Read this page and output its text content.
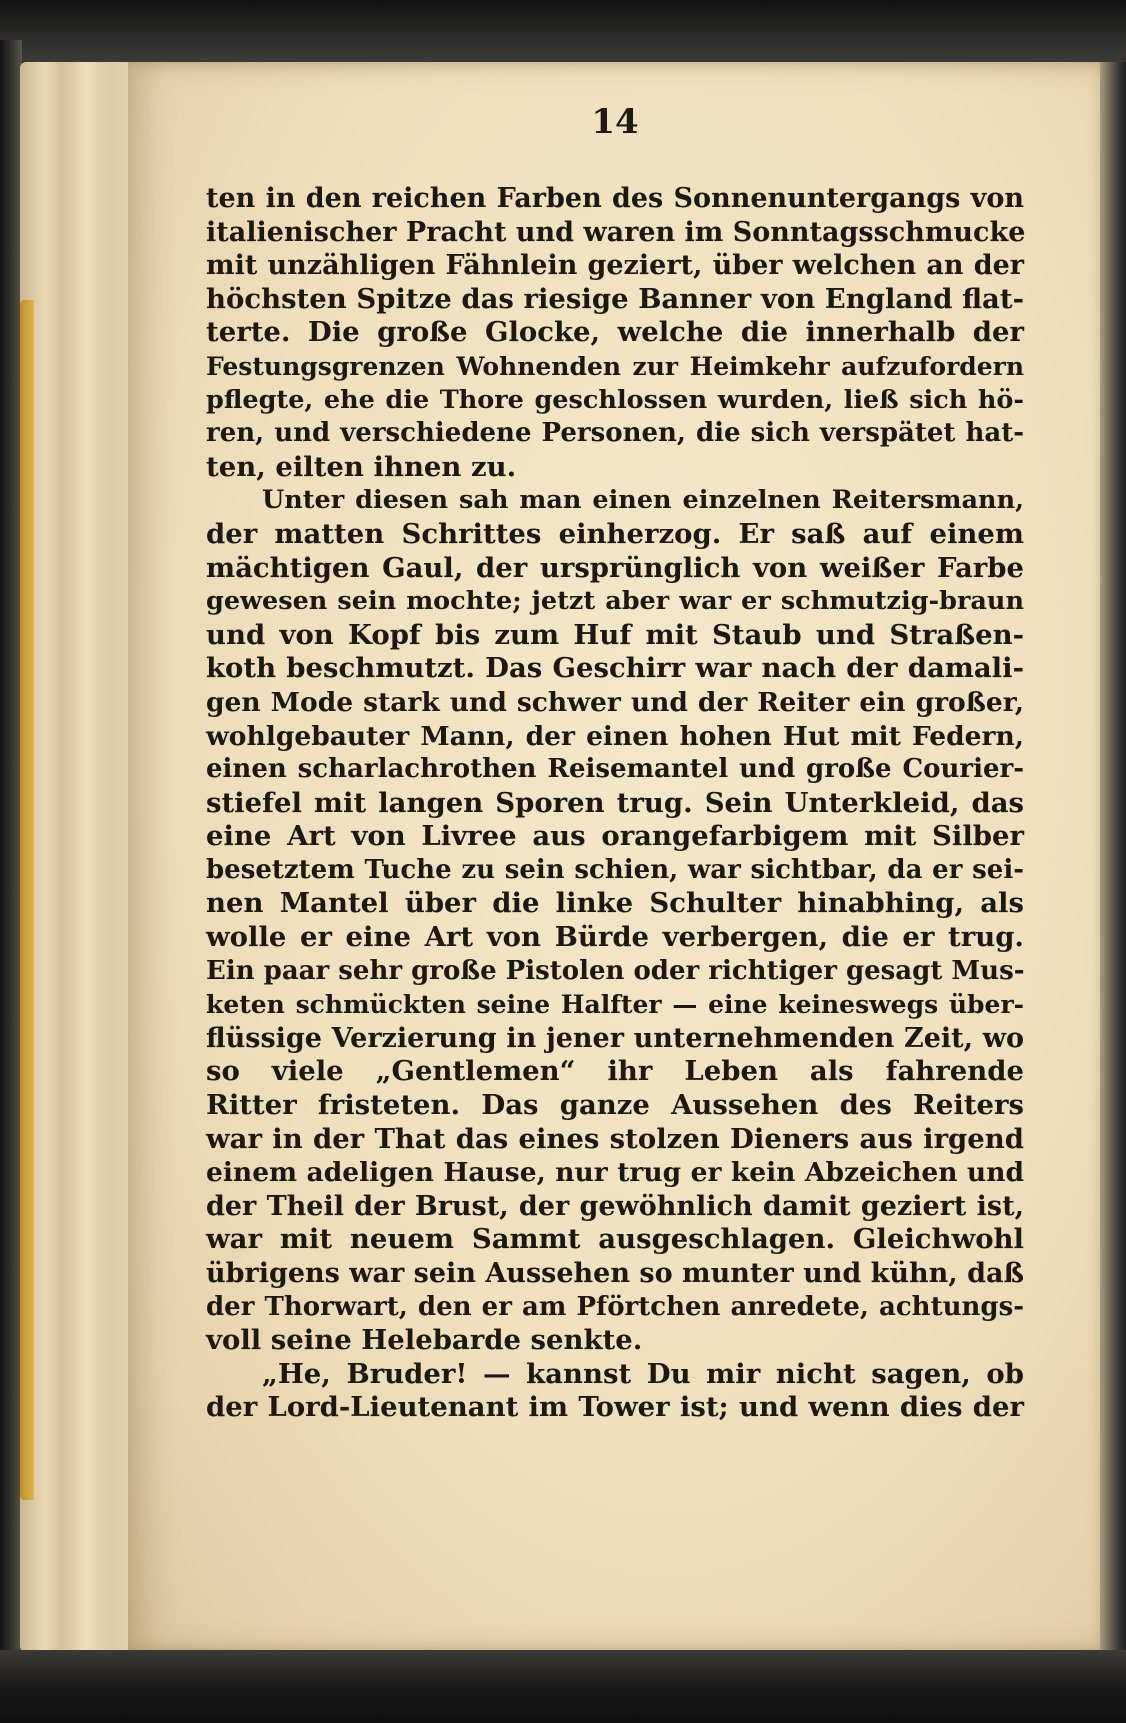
14
ten in den reichen Farben des Sonnenuntergangs von
italienischer Pracht und waren im Sonntagsschmucke
mit unzähligen Fähnlein geziert, über welchen an der
höchsten Spitze das riesige Banner von England flat-
terte. Die große Glocke, welche die innerhalb der
Festungsgrenzen Wohnenden zur Heimkehr aufzufordern
pflegte, ehe die Thore geschlossen wurden, ließ sich hö-
ren, und verschiedene Personen, die sich verspätet hat-
ten, eilten ihnen zu.
Unter diesen sah man einen einzelnen Reitersmann,
der matten Schrittes einherzog. Er saß auf einem
mächtigen Gaul, der ursprünglich von weißer Farbe
gewesen sein mochte; jetzt aber war er schmutzig-braun
und von Kopf bis zum Huf mit Staub und Straßen-
koth beschmutzt. Das Geschirr war nach der damali-
gen Mode stark und schwer und der Reiter ein großer,
wohlgebauter Mann, der einen hohen Hut mit Federn,
einen scharlachrothen Reisemantel und große Courier-
stiefel mit langen Sporen trug. Sein Unterkleid, das
eine Art von Livree aus orangefarbigem mit Silber
besetztem Tuche zu sein schien, war sichtbar, da er sei-
nen Mantel über die linke Schulter hinabhing, als
wolle er eine Art von Bürde verbergen, die er trug.
Ein paar sehr große Pistolen oder richtiger gesagt Mus-
keten schmückten seine Halfter — eine keineswegs über-
flüssige Verzierung in jener unternehmenden Zeit, wo
so viele „Gentlemen“ ihr Leben als fahrende
Ritter fristeten. Das ganze Aussehen des Reiters
war in der That das eines stolzen Dieners aus irgend
einem adeligen Hause, nur trug er kein Abzeichen und
der Theil der Brust, der gewöhnlich damit geziert ist,
war mit neuem Sammt ausgeschlagen. Gleichwohl
übrigens war sein Aussehen so munter und kühn, daß
der Thorwart, den er am Pförtchen anredete, achtungs-
voll seine Helebarde senkte.
„He, Bruder! — kannst Du mir nicht sagen, ob
der Lord-Lieutenant im Tower ist; und wenn dies der
